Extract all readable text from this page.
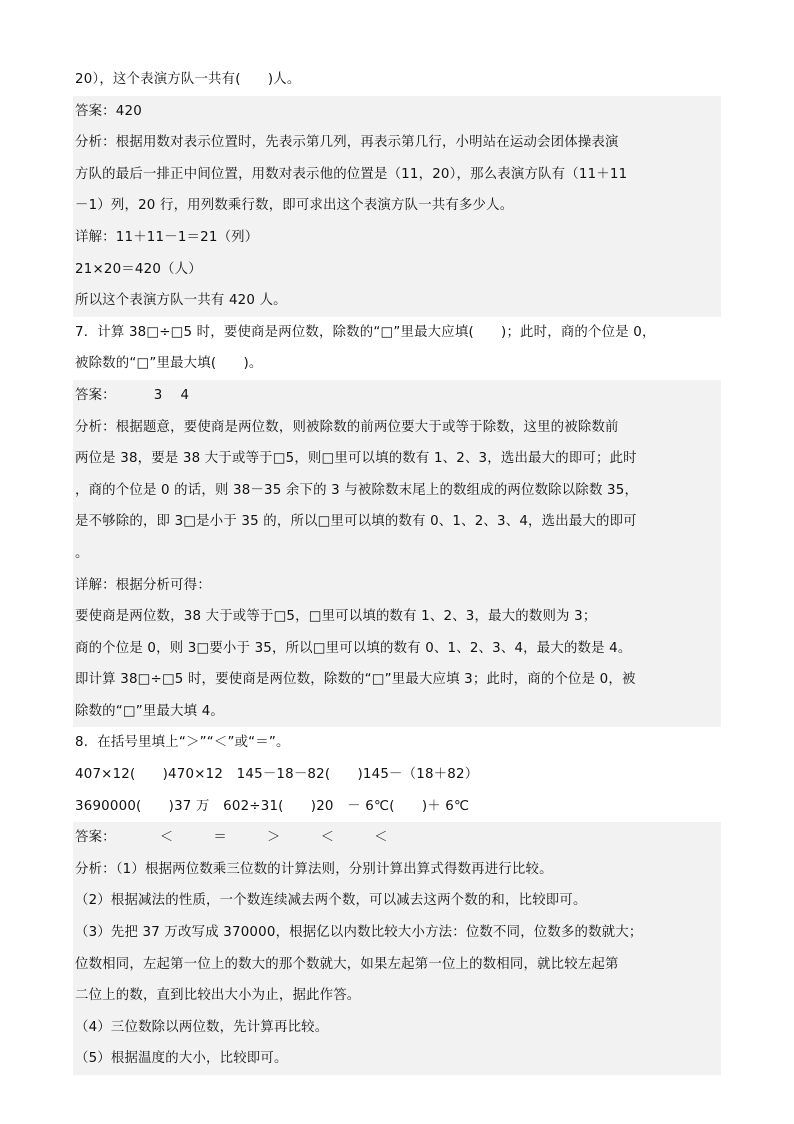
20），这个表演方队一共有(　　)人。
答案：420
分析：根据用数对表示位置时，先表示第几列，再表示第几行，小明站在运动会团体操表演
方队的最后一排正中间位置，用数对表示他的位置是（11，20），那么表演方队有（11＋11
－1）列，20 行，用列数乘行数，即可求出这个表演方队一共有多少人。
详解：11＋11－1＝21（列）
21×20＝420（人）
所以这个表演方队一共有 420 人。
7．计算 38□÷□5 时，要使商是两位数，除数的“□”里最大应填(　　)；此时，商的个位是 0，
被除数的“□”里最大填(　　)。
答案：	3 4
分析：根据题意，要使商是两位数，则被除数的前两位要大于或等于除数，这里的被除数前
两位是 38，要是 38 大于或等于□5，则□里可以填的数有 1、2、3，选出最大的即可；此时
，商的个位是 0 的话，则 38－35 余下的 3 与被除数末尾上的数组成的两位数除以除数 35，
是不够除的，即 3□是小于 35 的，所以□里可以填的数有 0、1、2、3、4，选出最大的即可
。
详解：根据分析可得：
要使商是两位数，38 大于或等于□5，□里可以填的数有 1、2、3，最大的数则为 3；
商的个位是 0，则 3□要小于 35，所以□里可以填的数有 0、1、2、3、4，最大的数是 4。
即计算 38□÷□5 时，要使商是两位数，除数的“□”里最大应填 3；此时，商的个位是 0，被
除数的“□”里最大填 4。
8．在括号里填上“＞”“＜”或“＝”。
407×12(　　)470×12　145－18－82(　　)145－（18＋82）
3690000(　　)37 万　602÷31(　　)20　－ 6℃(　　)＋ 6℃
答案：	＜	＝	＞	＜	＜
分析：（1）根据两位数乘三位数的计算法则，分别计算出算式得数再进行比较。
（2）根据减法的性质，一个数连续减去两个数，可以减去这两个数的和，比较即可。
（3）先把 37 万改写成 370000，根据亿以内数比较大小方法：位数不同，位数多的数就大；
位数相同，左起第一位上的数大的那个数就大，如果左起第一位上的数相同，就比较左起第
二位上的数，直到比较出大小为止，据此作答。
（4）三位数除以两位数，先计算再比较。
（5）根据温度的大小，比较即可。
